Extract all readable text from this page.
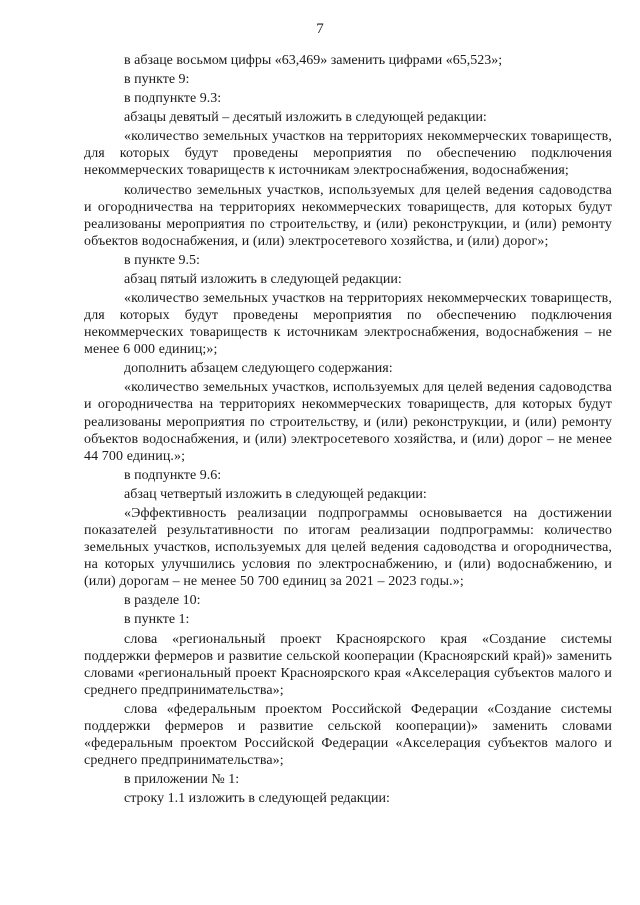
7

в абзаце восьмом цифры «63,469» заменить цифрами «65,523»;

в пункте 9:

в подпункте 9.3:

абзацы девятый – десятый изложить в следующей редакции:

«количество земельных участков на территориях некоммерческих товариществ, для которых будут проведены мероприятия по обеспечению подключения некоммерческих товариществ к источникам электроснабжения, водоснабжения;

количество земельных участков, используемых для целей ведения садоводства и огородничества на территориях некоммерческих товариществ, для которых будут реализованы мероприятия по строительству, и (или) реконструкции, и (или) ремонту объектов водоснабжения, и (или) электросетевого хозяйства, и (или) дорог»;

в пункте 9.5:

абзац пятый изложить в следующей редакции:

«количество земельных участков на территориях некоммерческих товариществ, для которых будут проведены мероприятия по обеспечению подключения некоммерческих товариществ к источникам электроснабжения, водоснабжения – не менее 6 000 единиц;»;

дополнить абзацем следующего содержания:

«количество земельных участков, используемых для целей ведения садоводства и огородничества на территориях некоммерческих товариществ, для которых будут реализованы мероприятия по строительству, и (или) реконструкции, и (или) ремонту объектов водоснабжения, и (или) электросетевого хозяйства, и (или) дорог – не менее 44 700 единиц.»;

в подпункте 9.6:

абзац четвертый изложить в следующей редакции:

«Эффективность реализации подпрограммы основывается на достижении показателей результативности по итогам реализации подпрограммы: количество земельных участков, используемых для целей ведения садоводства и огородничества, на которых улучшились условия по электроснабжению, и (или) водоснабжению, и (или) дорогам – не менее 50 700 единиц за 2021 – 2023 годы.»;

в разделе 10:

в пункте 1:

слова «региональный проект Красноярского края «Создание системы поддержки фермеров и развитие сельской кооперации (Красноярский край)» заменить словами «региональный проект Красноярского края «Акселерация субъектов малого и среднего предпринимательства»;

слова «федеральным проектом Российской Федерации «Создание системы поддержки фермеров и развитие сельской кооперации)» заменить словами «федеральным проектом Российской Федерации «Акселерация субъектов малого и среднего предпринимательства»;

в приложении № 1:

строку 1.1 изложить в следующей редакции:
